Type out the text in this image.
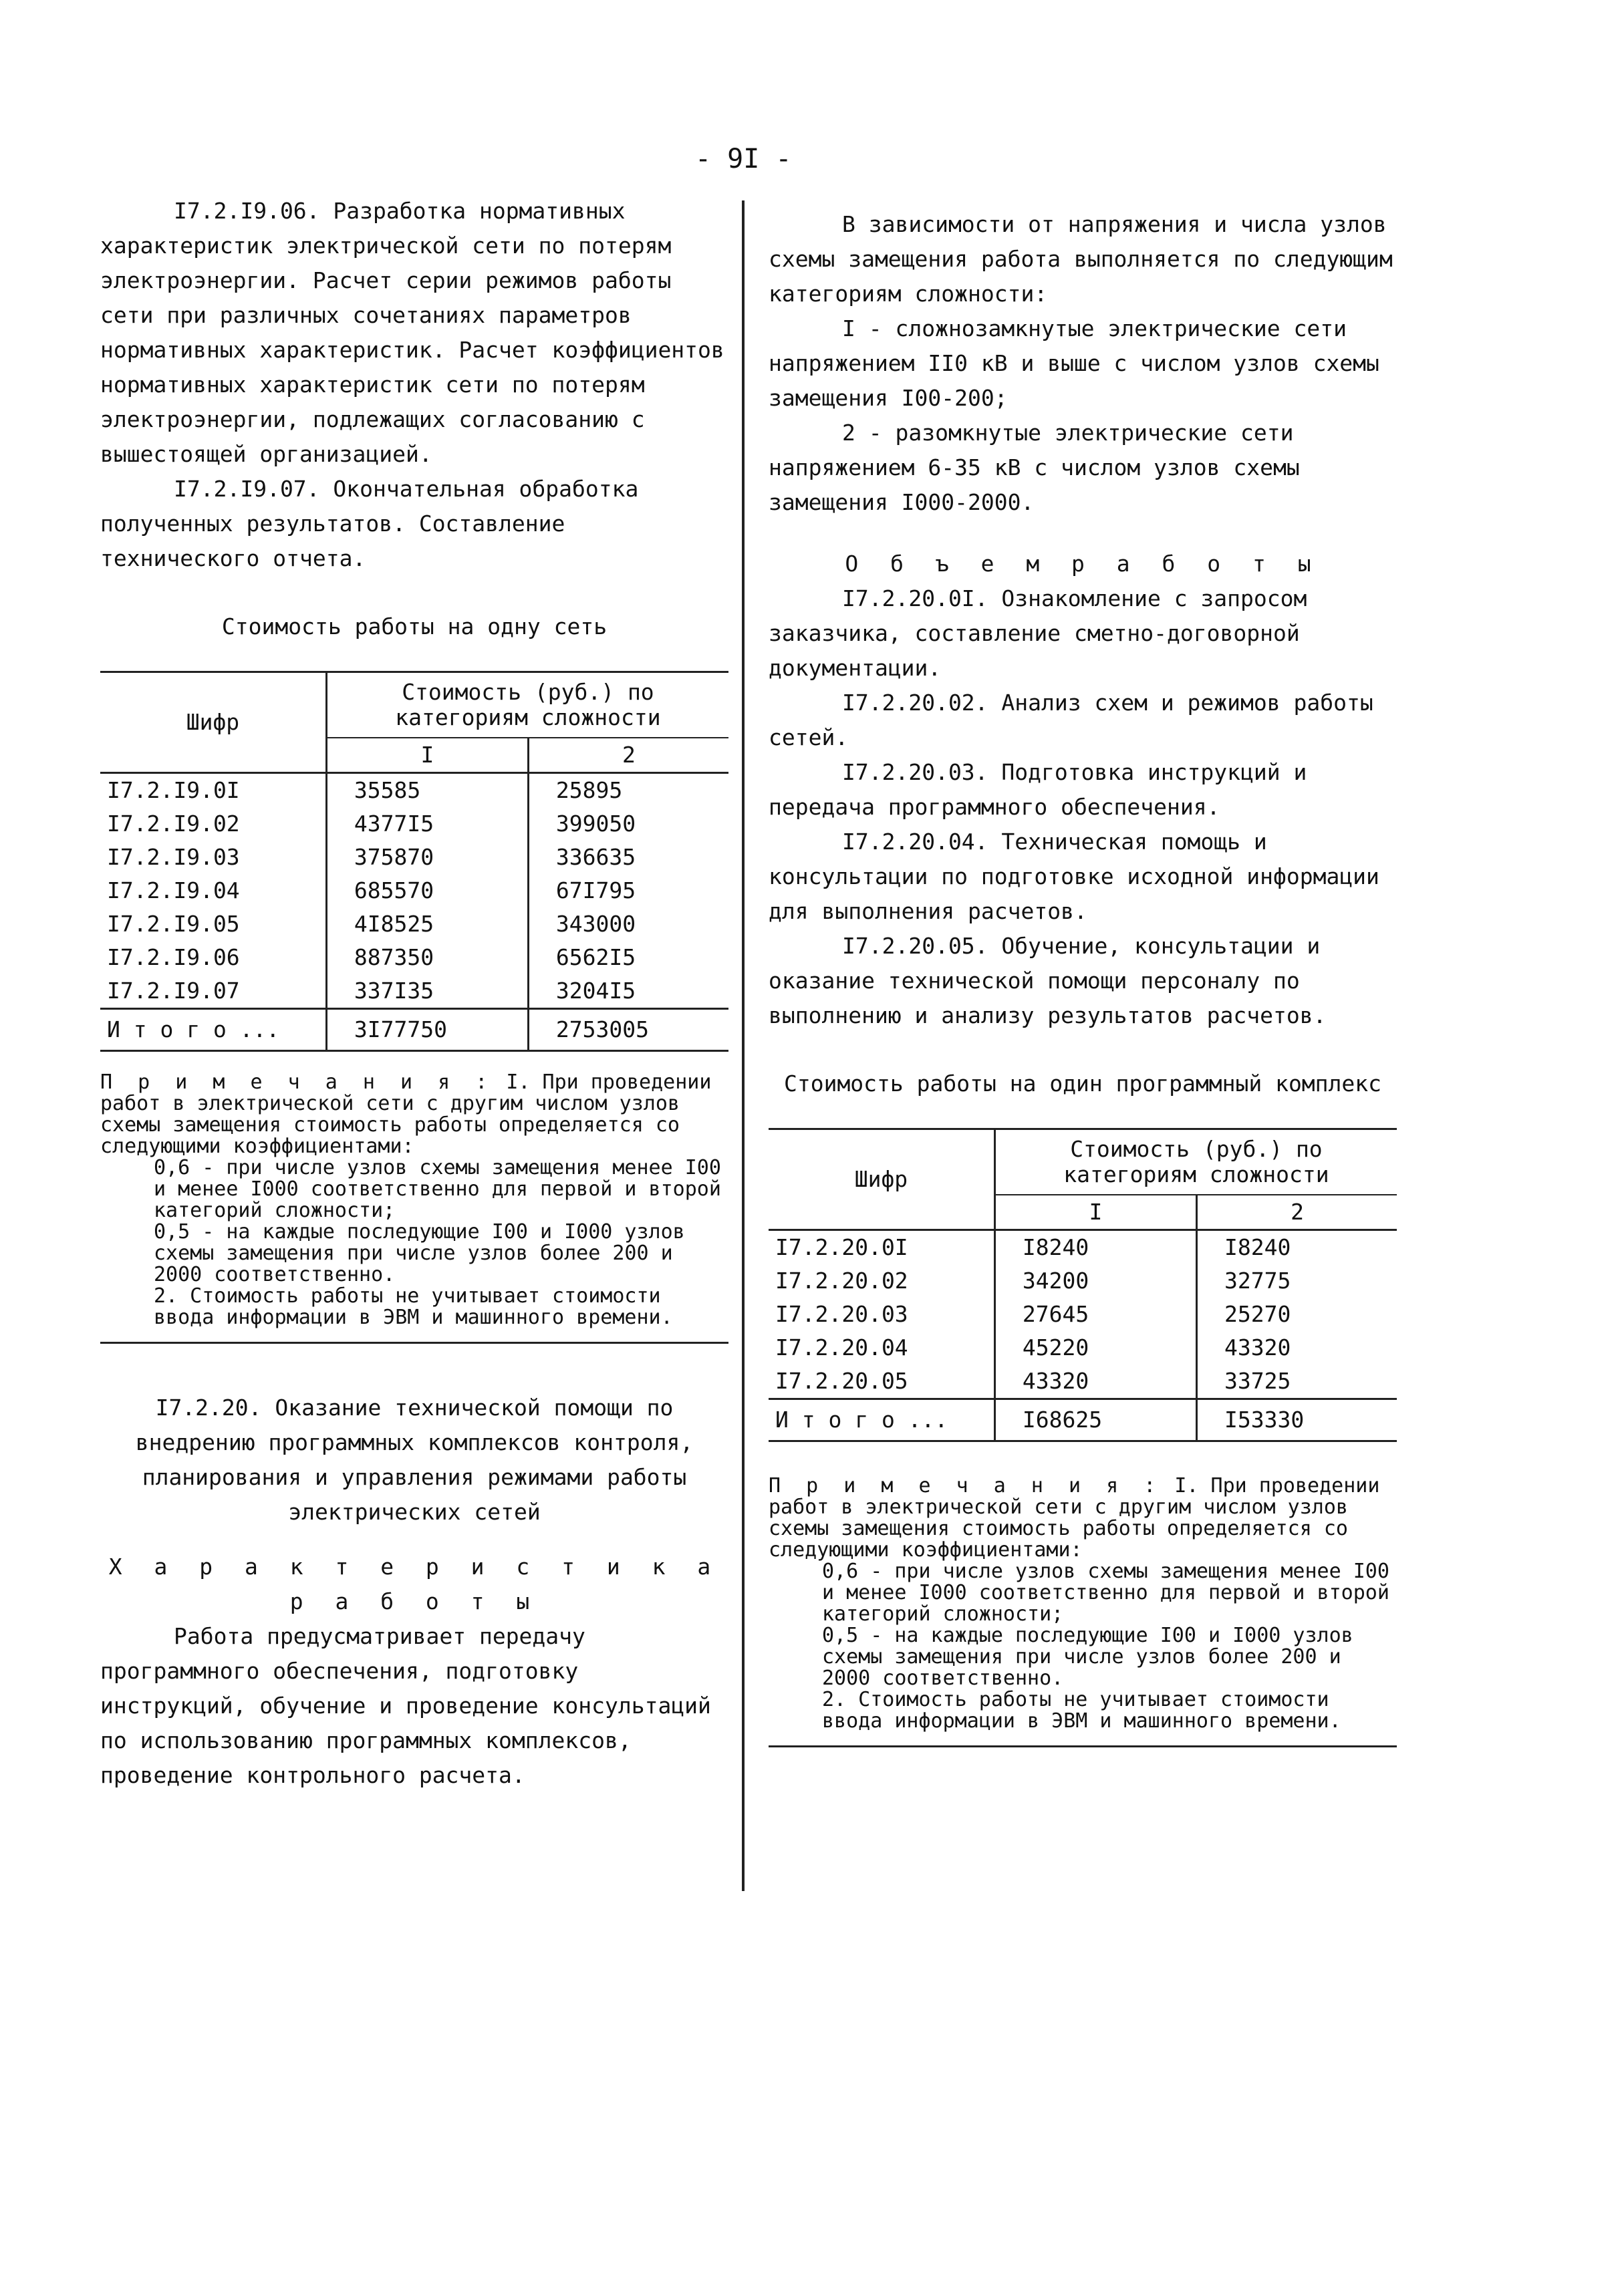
- 9I -

I7.2.I9.06. Разработка нормативных характеристик электрической сети по потерям электроэнергии. Расчет серии режимов работы сети при различных сочетаниях параметров нормативных характеристик. Расчет коэффициентов нормативных характеристик сети по потерям электроэнергии, подлежащих согласованию с вышестоящей организацией.

I7.2.I9.07. Окончательная обработка полученных результатов. Составление технического отчета.

Стоимость работы на одну сеть

Шифр	Стоимость (руб.) по категориям сложности	
	I	2
I7.2.I9.0I	35585	25895
I7.2.I9.02	4377I5	399050
I7.2.I9.03	375870	336635
I7.2.I9.04	685570	67I795
I7.2.I9.05	4I8525	343000
I7.2.I9.06	887350	6562I5
I7.2.I9.07	337I35	3204I5
И т о г о ...	3I77750	2753005

П р и м е ч а н и я : I. При проведении работ в электрической сети с другим числом узлов схемы замещения стоимость работы определяется со следующими коэффициентами:

0,6 - при числе узлов схемы замещения менее I00 и менее I000 соответственно для первой и второй категорий сложности;

0,5 - на каждые последующие I00 и I000 узлов схемы замещения при числе узлов более 200 и 2000 соответственно.

2. Стоимость работы не учитывает стоимости ввода информации в ЭВМ и машинного времени.

I7.2.20. Оказание технической помощи по внедрению программных комплексов контроля, планирования и управления режимами работы электрических сетей

Х а р а к т е р и с т и к а р а б о т ы

Работа предусматривает передачу программного обеспечения, подготовку инструкций, обучение и проведение консультаций по использованию программных комплексов, проведение контрольного расчета.

В зависимости от напряжения и числа узлов схемы замещения работа выполняется по следующим категориям сложности:

I - сложнозамкнутые электрические сети напряжением II0 кВ и выше с числом узлов схемы замещения I00-200;

2 - разомкнутые электрические сети напряжением 6-35 кВ с числом узлов схемы замещения I000-2000.

О б ъ е м р а б о т ы

I7.2.20.0I. Ознакомление с запросом заказчика, составление сметно-договорной документации.

I7.2.20.02. Анализ схем и режимов работы сетей.

I7.2.20.03. Подготовка инструкций и передача программного обеспечения.

I7.2.20.04. Техническая помощь и консультации по подготовке исходной информации для выполнения расчетов.

I7.2.20.05. Обучение, консультации и оказание технической помощи персоналу по выполнению и анализу результатов расчетов.

Стоимость работы на один программный комплекс

Шифр	Стоимость (руб.) по категориям сложности	
	I	2
I7.2.20.0I	I8240	I8240
I7.2.20.02	34200	32775
I7.2.20.03	27645	25270
I7.2.20.04	45220	43320
I7.2.20.05	43320	33725
И т о г о ...	I68625	I53330

П р и м е ч а н и я : I. При проведении работ в электрической сети с другим числом узлов схемы замещения стоимость работы определяется со следующими коэффициентами:

0,6 - при числе узлов схемы замещения менее I00 и менее I000 соответственно для первой и второй категорий сложности;

0,5 - на каждые последующие I00 и I000 узлов схемы замещения при числе узлов более 200 и 2000 соответственно.

2. Стоимость работы не учитывает стоимости ввода информации в ЭВМ и машинного времени.
